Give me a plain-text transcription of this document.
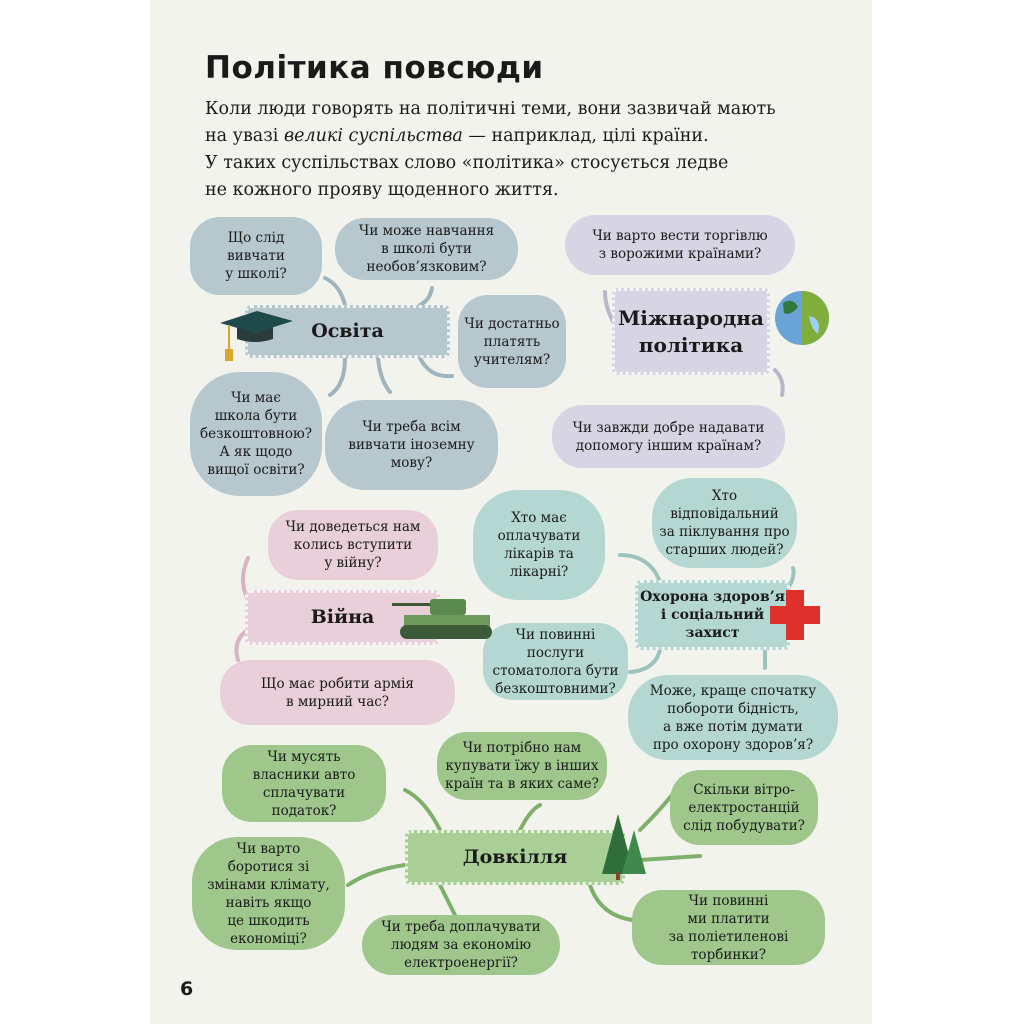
Політика повсюди

Коли люди говорять на політичні теми, вони зазвичай мають

на увазі великі суспільства — наприклад, цілі країни.

У таких суспільствах слово «політика» стосується ледве

не кожного прояву щоденного життя.

Освіта
Що слід
вивчати
у школі?
Чи може навчання
в школі бути
необов’язковим?
Чи достатньо
платять
учителям?
Чи має
школа бути
безкоштовною?
А як щодо
вищої освіти?
Чи треба всім
вивчати іноземну
мову?
Чи варто вести торгівлю
з ворожими країнами?
Міжнародна
політика
Чи завжди добре надавати
допомогу іншим країнам?
Хто має
оплачувати
лікарів та
лікарні?
Хто
відповідальний
за піклування про
старших людей?
Охорона здоров’я
і соціальний
захист
Чи повинні
послуги
стоматолога бути
безкоштовними?	Може, краще спочатку
побороти бідність,
а вже потім думати
про охорону здоров’я?
Чи доведеться нам
колись вступити
у війну?
Війна
Що має робити армія
в мирний час?
Чи мусять
власники авто
сплачувати
податок?
Чи потрібно нам
купувати їжу в інших
країн та в яких саме?	Скільки вітро-
електростанцій
слід побудувати?
Довкілля
Чи варто
боротися зі
змінами клімату,
навіть якщо
це шкодить
економіці?
Чи треба доплачувати
людям за економію
електроенергії?
Чи повинні
ми платити
за поліетиленові
торбинки?
6
